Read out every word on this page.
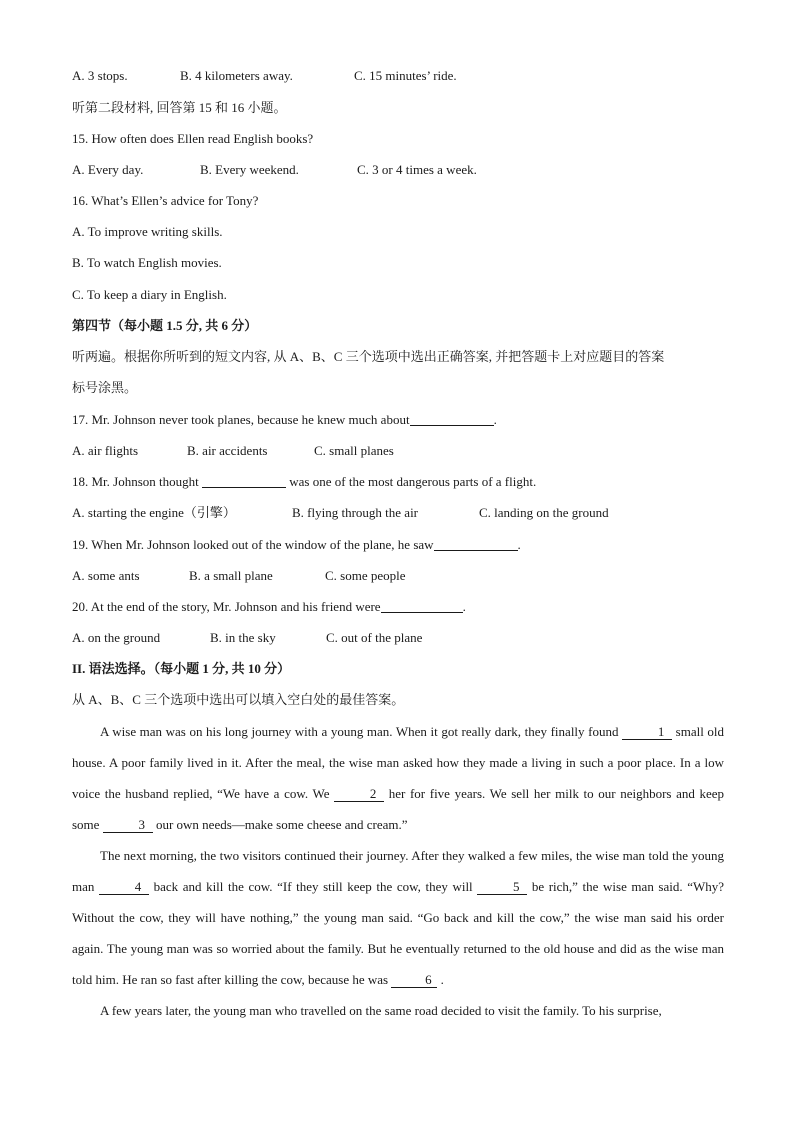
A. 3 stops.	B. 4 kilometers away.	C. 15 minutes’ ride.
听第二段材料, 回答第 15 和 16 小题。
15. How often does Ellen read English books?
A. Every day.	B. Every weekend.	C. 3 or 4 times a week.
16. What’s Ellen’s advice for Tony?
A. To improve writing skills.
B. To watch English movies.
C. To keep a diary in English.
第四节（每小题 1.5 分, 共 6 分）
听两遍。根据你所听到的短文内容, 从 A、B、C 三个选项中选出正确答案, 并把答题卡上对应题目的答案
标号涂黑。
17. Mr. Johnson never took planes, because he knew much about	.
A. air flights	B. air accidents	C. small planes
18. Mr. Johnson thought	was one of the most dangerous parts of a flight.
A. starting the engine（引擎）	B. flying through the air	C. landing on the ground
19. When Mr. Johnson looked out of the window of the plane, he saw	.
A. some ants	B. a small plane	C. some people
20. At the end of the story, Mr. Johnson and his friend were	.
A. on the ground	B. in the sky	C. out of the plane
II. 语法选择。（每小题 1 分, 共 10 分）
从 A、B、C 三个选项中选出可以填入空白处的最佳答案。

A wise man was on his long journey with a young man. When it got really dark, they finally found	1 small old house. A poor family lived in it. After the meal, the wise man asked how they made a living in such a poor place. In a low voice the husband replied, “We have a cow. We	2 her for five years. We sell her milk to our neighbors and keep some	3 our own needs—make some cheese and cream.”

The next morning, the two visitors continued their journey. After they walked a few miles, the wise man told the young man	4 back and kill the cow. “If they still keep the cow, they will	5 be rich,” the wise man said. “Why? Without the cow, they will have nothing,” the young man said. “Go back and kill the cow,” the wise man said his order again. The young man was so worried about the family. But he eventually returned to the old house and did as the wise man told him. He ran so fast after killing the cow, because he was	6 .

A few years later, the young man who travelled on the same road decided to visit the family. To his surprise,
